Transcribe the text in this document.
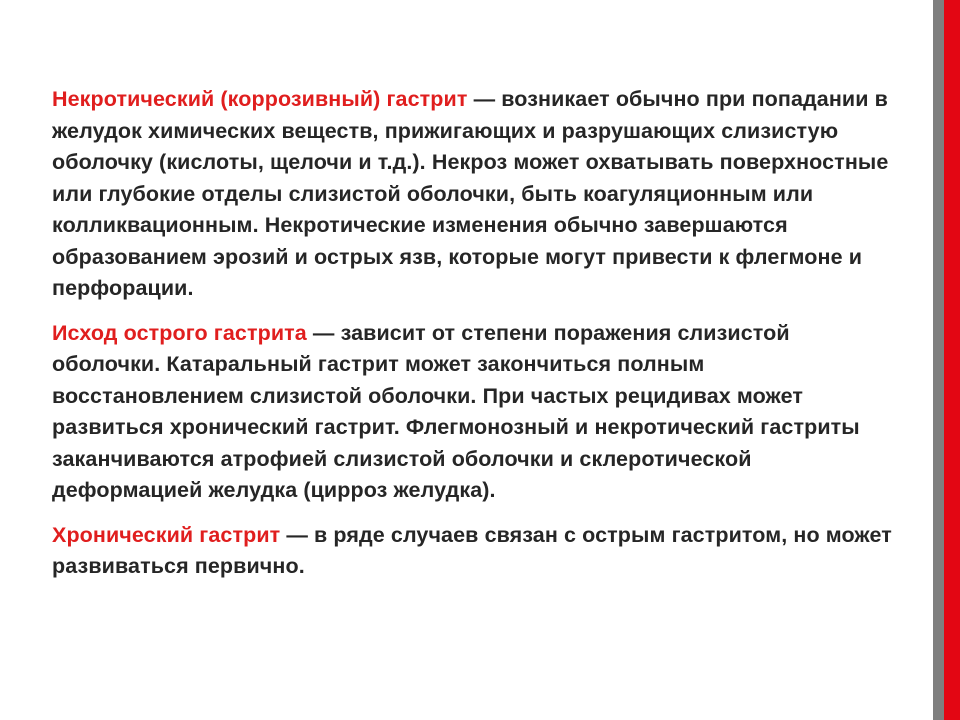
Некротический (коррозивный) гастрит — возникает обычно при попадании в желудок химических веществ, прижигающих и разрушающих слизистую оболочку (кислоты, щелочи и т.д.). Некроз может охватывать поверхностные или глубокие отделы слизистой оболочки, быть коагуляционным или колликвационным. Некротические изменения обычно завершаются образованием эрозий и острых язв, которые могут привести к флегмоне и перфорации.

Исход острого гастрита — зависит от степени поражения слизистой оболочки. Катаральный гастрит может закончиться полным восстановлением слизистой оболочки. При частых рецидивах может развиться хронический гастрит. Флегмонозный и некротический гастриты заканчиваются атрофией слизистой оболочки и склеротической деформацией желудка (цирроз желудка).

Хронический гастрит — в ряде случаев связан с острым гастритом, но может развиваться первично.
